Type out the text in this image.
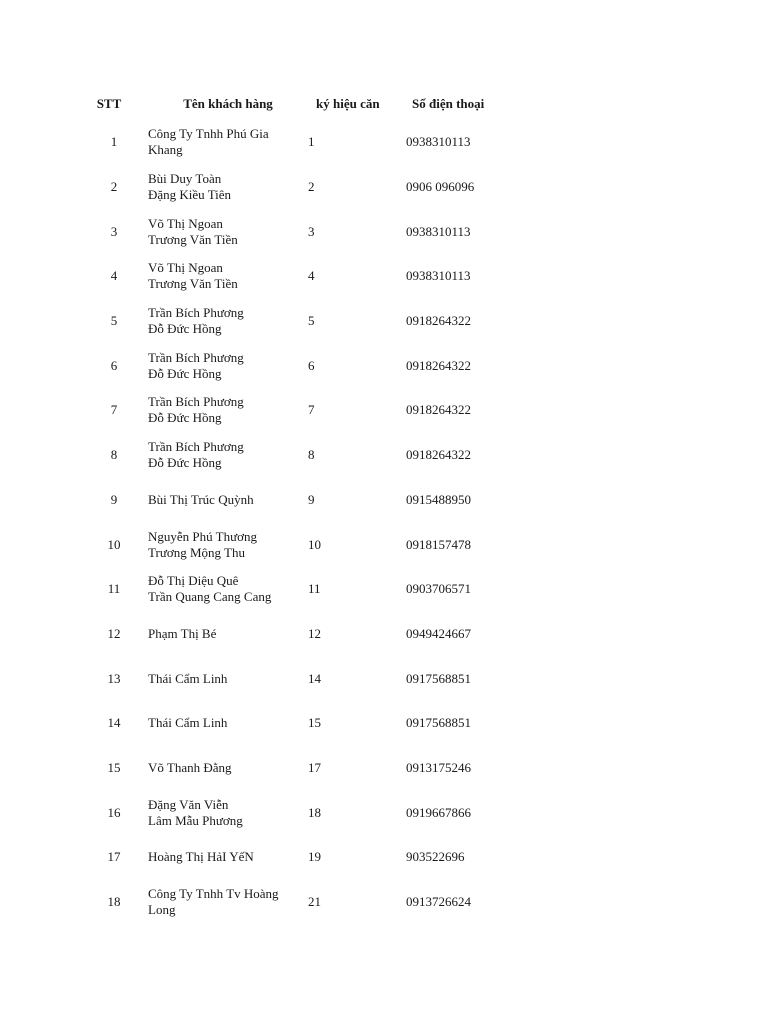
STT	Tên khách hàng	ký hiệu căn	Số điện thoại
1	Công Ty Tnhh Phú Gia
Khang	1	0938310113
2	Bùi Duy Toàn
Đặng Kiều Tiên	2	0906 096096
3	Võ Thị Ngoan
Trương Văn Tiền	3	0938310113
4	Võ Thị Ngoan
Trương Văn Tiền	4	0938310113
5	Trần Bích Phương
Đỗ Đức Hồng	5	0918264322
6	Trần Bích Phương
Đỗ Đức Hồng	6	0918264322
7	Trần Bích Phương
Đỗ Đức Hồng	7	0918264322
8	Trần Bích Phương
Đỗ Đức Hồng	8	0918264322
9	Bùi Thị Trúc Quỳnh	9	0915488950
10	Nguyễn Phú Thương
Trương Mộng Thu	10	0918157478
11	Đỗ Thị Diệu Quê
Trần Quang Cang Cang	11	0903706571
12	Phạm Thị Bé	12	0949424667
13	Thái Cẩm Linh	14	0917568851
14	Thái Cẩm Linh	15	0917568851
15	Võ Thanh Đằng	17	0913175246
16	Đặng Văn Viễn
Lâm Mẫu Phương	18	0919667866
17	Hoàng Thị HảI YếN	19	903522696
18	Công Ty Tnhh Tv Hoàng
Long	21	0913726624
